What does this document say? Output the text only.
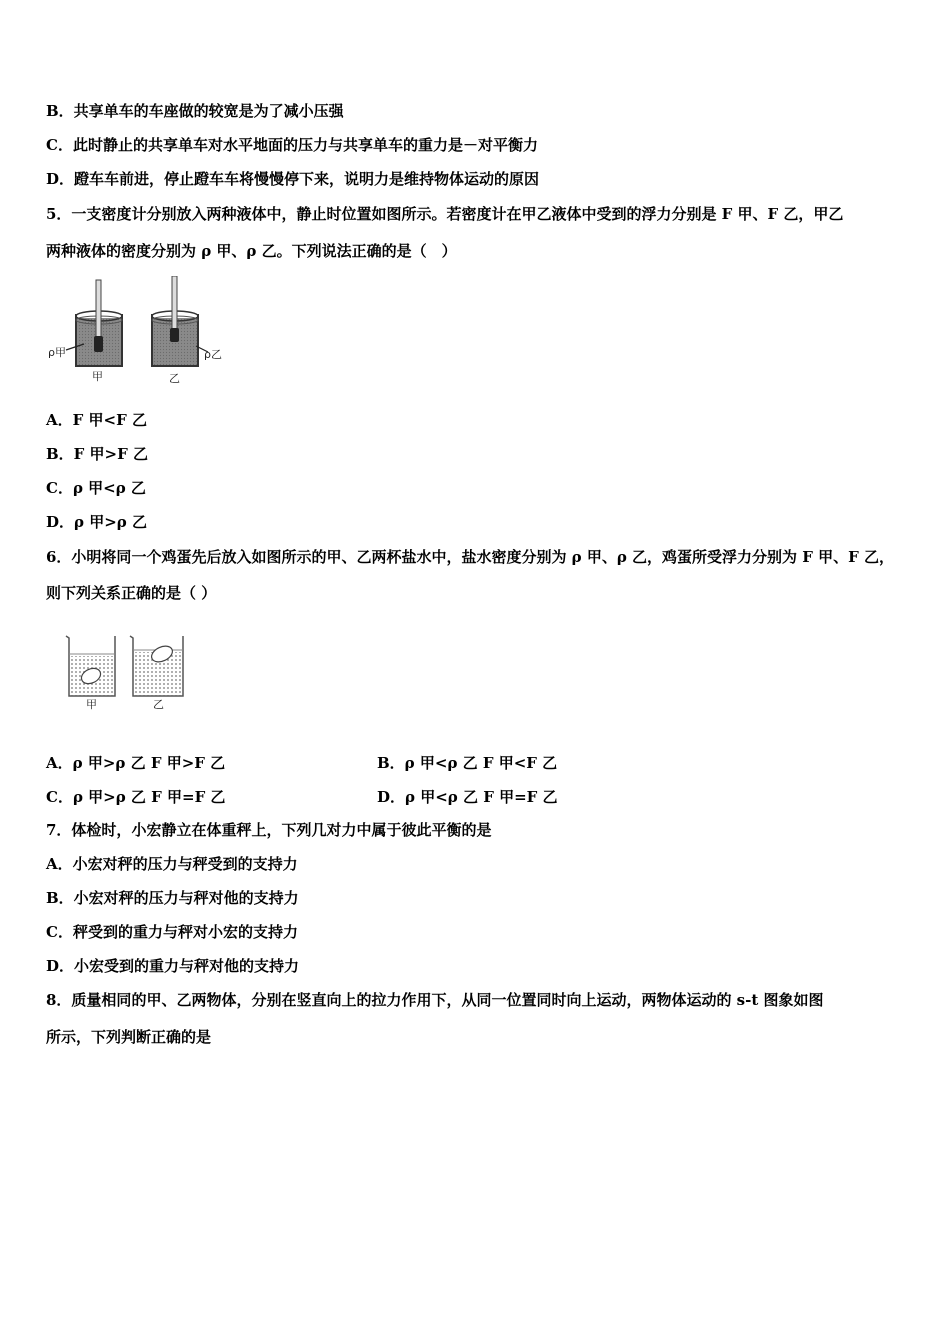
B．共享单车的车座做的较宽是为了减小压强
C．此时静止的共享单车对水平地面的压力与共享单车的重力是－对平衡力
D．蹬车车前进，停止蹬车车将慢慢停下来，说明力是维持物体运动的原因
5．一支密度计分别放入两种液体中，静止时位置如图所示。若密度计在甲乙液体中受到的浮力分别是 F 甲、F 乙，甲乙
两种液体的密度分别为 ρ 甲、ρ 乙。下列说法正确的是（　）
ρ甲
甲
ρ乙
乙
A．F 甲<F 乙
B．F 甲>F 乙
C．ρ 甲<ρ 乙
D．ρ 甲>ρ 乙
6．小明将同一个鸡蛋先后放入如图所示的甲、乙两杯盐水中，盐水密度分别为 ρ 甲、ρ 乙，鸡蛋所受浮力分别为 F 甲、F 乙，
则下列关系正确的是（ ）
甲	乙
A．ρ 甲>ρ 乙 F 甲>F 乙	B．ρ 甲<ρ 乙 F 甲<F 乙
C．ρ 甲>ρ 乙 F 甲=F 乙	D．ρ 甲<ρ 乙 F 甲=F 乙
7．体检时，小宏静立在体重秤上，下列几对力中属于彼此平衡的是
A．小宏对秤的压力与秤受到的支持力
B．小宏对秤的压力与秤对他的支持力
C．秤受到的重力与秤对小宏的支持力
D．小宏受到的重力与秤对他的支持力
8．质量相同的甲、乙两物体，分别在竖直向上的拉力作用下，从同一位置同时向上运动，两物体运动的 s-t 图象如图
所示，下列判断正确的是
